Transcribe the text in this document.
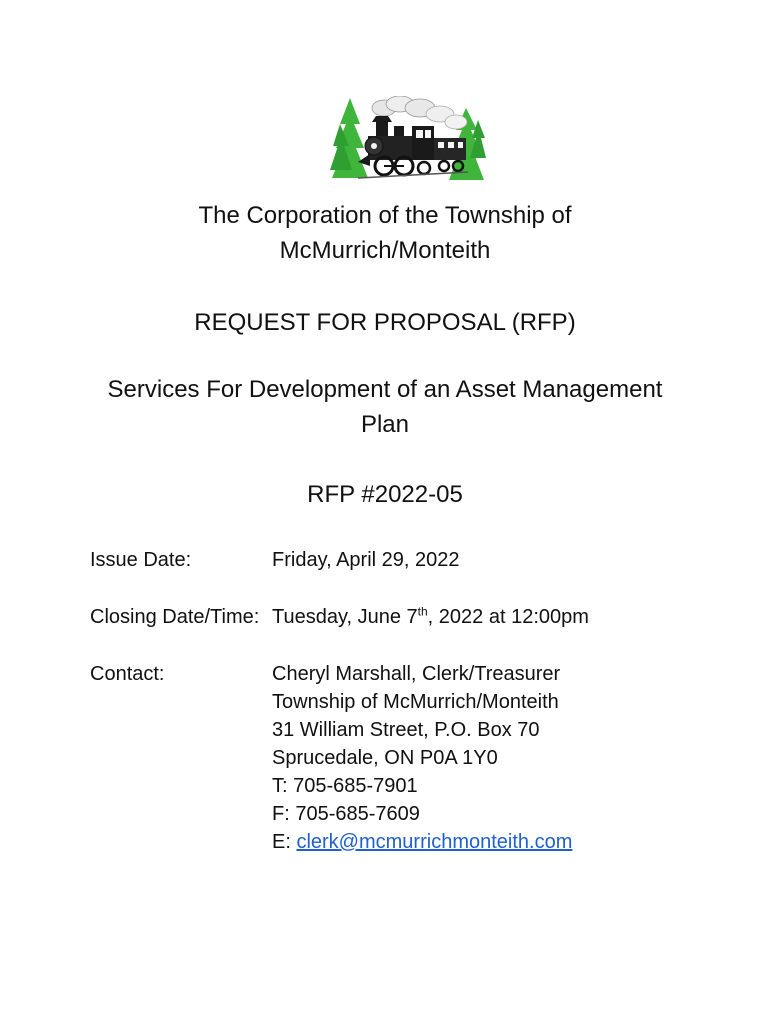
The Corporation of the Township of
McMurrich/Monteith
REQUEST FOR PROPOSAL (RFP)
Services For Development of an Asset Management
Plan
RFP #2022-05
Issue Date:	Friday, April 29, 2022
Closing Date/Time: Tuesday, June 7th, 2022 at 12:00pm
Contact:	Cheryl Marshall, Clerk/Treasurer
Township of McMurrich/Monteith
31 William Street, P.O. Box 70
Sprucedale, ON P0A 1Y0
T: 705-685-7901
F: 705-685-7609
E: clerk@mcmurrichmonteith.com
